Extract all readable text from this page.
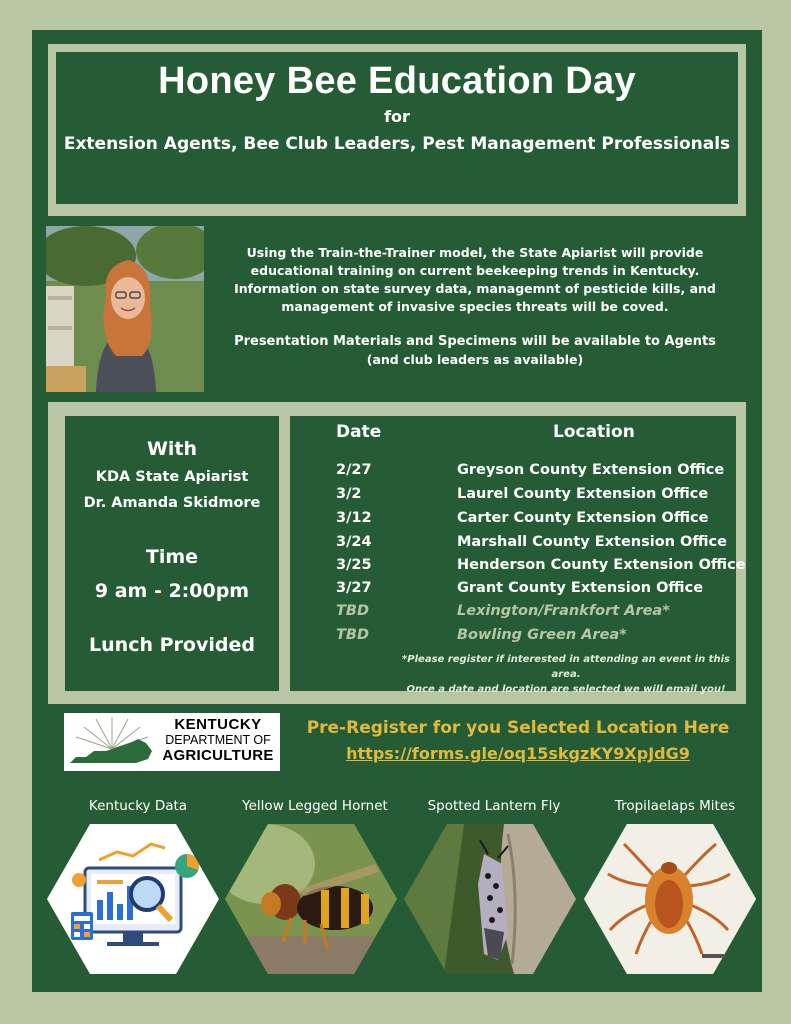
Honey Bee Education Day
for
Extension Agents, Bee Club Leaders, Pest Management Professionals
Using the Train-the-Trainer model, the State Apiarist will provide educational training on current beekeeping trends in Kentucky. Information on state survey data, managemnt of pesticide kills, and management of invasive species threats will be coved.
Presentation Materials and Specimens will be available to Agents
(and club leaders as available)
With
KDA State Apiarist
Dr. Amanda Skidmore
Time
9 am - 2:00pm
Lunch Provided
Date	Location
2/27	Greyson County Extension Office
3/2	Laurel County Extension Office
3/12	Carter County Extension Office
3/24	Marshall County Extension Office
3/25	Henderson County Extension Office
3/27	Grant County Extension Office
TBD	Lexington/Frankfort Area*
TBD	Bowling Green Area*
*Please register if interested in attending an event in this area.
Once a date and location are selected we will email you!
KENTUCKY
DEPARTMENT OF
AGRICULTURE
Pre-Register for you Selected Location Here
https://forms.gle/oq15skgzKY9XpJdG9
Kentucky Data	Yellow Legged Hornet	Spotted Lantern Fly	Tropilaelaps Mites
